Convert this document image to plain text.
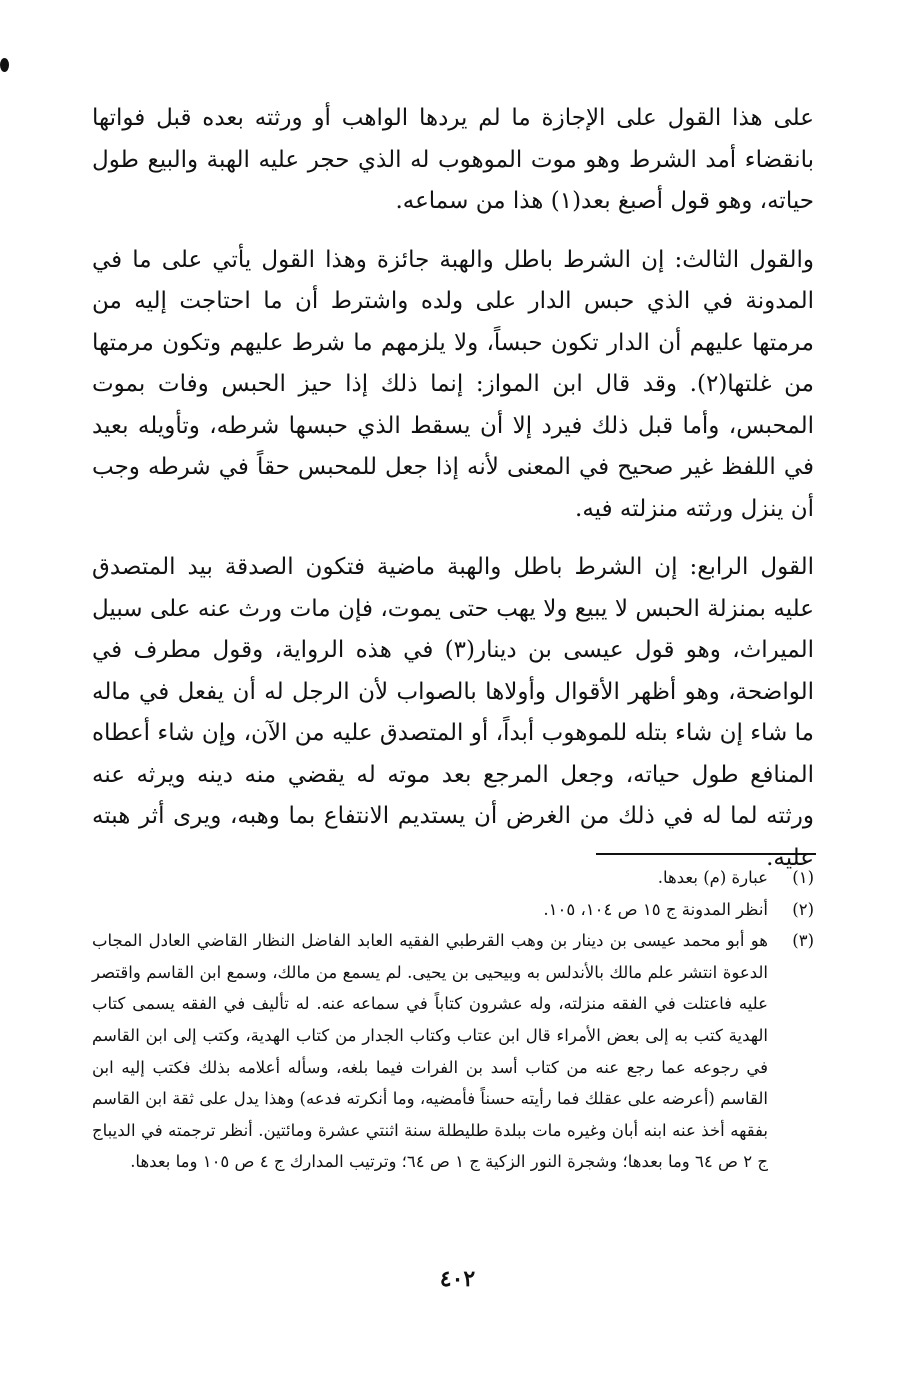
على هذا القول على الإجازة ما لم يردها الواهب أو ورثته بعده قبل فواتها بانقضاء أمد الشرط وهو موت الموهوب له الذي حجر عليه الهبة والبيع طول حياته، وهو قول أصبغ بعد(١) هذا من سماعه.

والقول الثالث: إن الشرط باطل والهبة جائزة وهذا القول يأتي على ما في المدونة في الذي حبس الدار على ولده واشترط أن ما احتاجت إليه من مرمتها عليهم أن الدار تكون حبساً، ولا يلزمهم ما شرط عليهم وتكون مرمتها من غلتها(٢). وقد قال ابن المواز: إنما ذلك إذا حيز الحبس وفات بموت المحبس، وأما قبل ذلك فيرد إلا أن يسقط الذي حبسها شرطه، وتأويله بعيد في اللفظ غير صحيح في المعنى لأنه إذا جعل للمحبس حقاً في شرطه وجب أن ينزل ورثته منزلته فيه.

القول الرابع: إن الشرط باطل والهبة ماضية فتكون الصدقة بيد المتصدق عليه بمنزلة الحبس لا يبيع ولا يهب حتى يموت، فإن مات ورث عنه على سبيل الميراث، وهو قول عيسى بن دينار(٣) في هذه الرواية، وقول مطرف في الواضحة، وهو أظهر الأقوال وأولاها بالصواب لأن الرجل له أن يفعل في ماله ما شاء إن شاء بتله للموهوب أبداً، أو المتصدق عليه من الآن، وإن شاء أعطاه المنافع طول حياته، وجعل المرجع بعد موته له يقضي منه دينه ويرثه عنه ورثته لما له في ذلك من الغرض أن يستديم الانتفاع بما وهبه، ويرى أثر هبته عليه.

(١)
عبارة (م) بعدها.
(٢)
أنظر المدونة ج ١٥ ص ١٠٤، ١٠٥.
(٣)
هو أبو محمد عيسى بن دينار بن وهب القرطبي الفقيه العابد الفاضل النظار القاضي العادل المجاب الدعوة انتشر علم مالك بالأندلس به وبيحيى بن يحيى. لم يسمع من مالك، وسمع ابن القاسم واقتصر عليه فاعتلت في الفقه منزلته، وله عشرون كتاباً في سماعه عنه. له تأليف في الفقه يسمى كتاب الهدية كتب به إلى بعض الأمراء قال ابن عتاب وكتاب الجدار من كتاب الهدية، وكتب إلى ابن القاسم في رجوعه عما رجع عنه من كتاب أسد بن الفرات فيما بلغه، وسأله أعلامه بذلك فكتب إليه ابن القاسم (أعرضه على عقلك فما رأيته حسناً فأمضيه، وما أنكرته فدعه) وهذا يدل على ثقة ابن القاسم بفقهه أخذ عنه ابنه أبان وغيره مات ببلدة طليطلة سنة اثنتي عشرة ومائتين. أنظر ترجمته في الديباج ج ٢ ص ٦٤ وما بعدها؛ وشجرة النور الزكية ج ١ ص ٦٤؛ وترتيب المدارك ج ٤ ص ١٠٥ وما بعدها.
٤٠٢
